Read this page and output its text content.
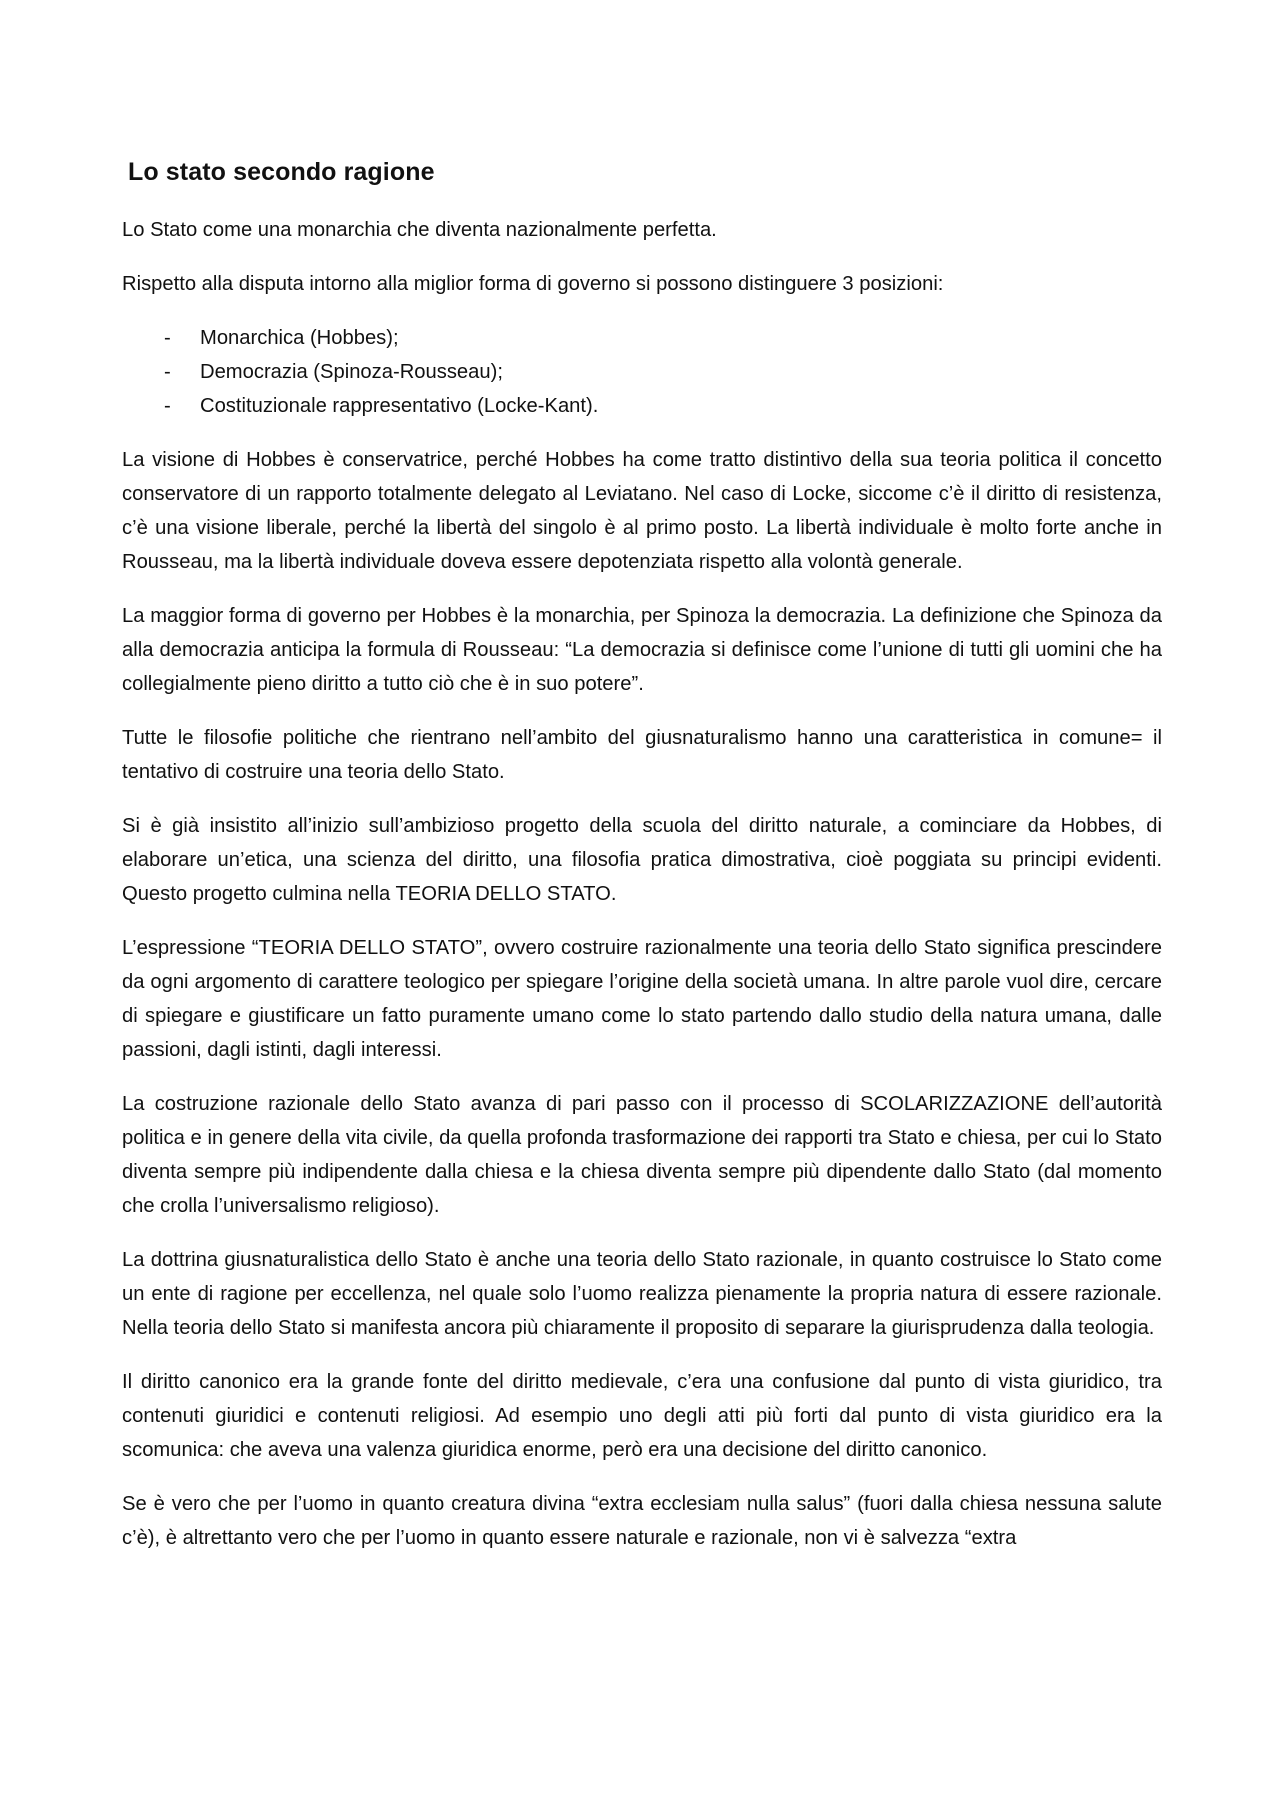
Lo stato secondo ragione

Lo Stato come una monarchia che diventa nazionalmente perfetta.

Rispetto alla disputa intorno alla miglior forma di governo si possono distinguere 3 posizioni:

- Monarchica (Hobbes);
- Democrazia (Spinoza-Rousseau);
- Costituzionale rappresentativo (Locke-Kant).

La visione di Hobbes è conservatrice, perché Hobbes ha come tratto distintivo della sua teoria politica il concetto conservatore di un rapporto totalmente delegato al Leviatano. Nel caso di Locke, siccome c’è il diritto di resistenza, c’è una visione liberale, perché la libertà del singolo è al primo posto. La libertà individuale è molto forte anche in Rousseau, ma la libertà individuale doveva essere depotenziata rispetto alla volontà generale.

La maggior forma di governo per Hobbes è la monarchia, per Spinoza la democrazia. La definizione che Spinoza da alla democrazia anticipa la formula di Rousseau: “La democrazia si definisce come l’unione di tutti gli uomini che ha collegialmente pieno diritto a tutto ciò che è in suo potere”.

Tutte le filosofie politiche che rientrano nell’ambito del giusnaturalismo hanno una caratteristica in comune= il tentativo di costruire una teoria dello Stato.

Si è già insistito all’inizio sull’ambizioso progetto della scuola del diritto naturale, a cominciare da Hobbes, di elaborare un’etica, una scienza del diritto, una filosofia pratica dimostrativa, cioè poggiata su principi evidenti. Questo progetto culmina nella TEORIA DELLO STATO.

L’espressione “TEORIA DELLO STATO”, ovvero costruire razionalmente una teoria dello Stato significa prescindere da ogni argomento di carattere teologico per spiegare l’origine della società umana. In altre parole vuol dire, cercare di spiegare e giustificare un fatto puramente umano come lo stato partendo dallo studio della natura umana, dalle passioni, dagli istinti, dagli interessi.

La costruzione razionale dello Stato avanza di pari passo con il processo di SCOLARIZZAZIONE dell’autorità politica e in genere della vita civile, da quella profonda trasformazione dei rapporti tra Stato e chiesa, per cui lo Stato diventa sempre più indipendente dalla chiesa e la chiesa diventa sempre più dipendente dallo Stato (dal momento che crolla l’universalismo religioso).

La dottrina giusnaturalistica dello Stato è anche una teoria dello Stato razionale, in quanto costruisce lo Stato come un ente di ragione per eccellenza, nel quale solo l’uomo realizza pienamente la propria natura di essere razionale. Nella teoria dello Stato si manifesta ancora più chiaramente il proposito di separare la giurisprudenza dalla teologia.

Il diritto canonico era la grande fonte del diritto medievale, c’era una confusione dal punto di vista giuridico, tra contenuti giuridici e contenuti religiosi. Ad esempio uno degli atti più forti dal punto di vista giuridico era la scomunica: che aveva una valenza giuridica enorme, però era una decisione del diritto canonico.

Se è vero che per l’uomo in quanto creatura divina “extra ecclesiam nulla salus” (fuori dalla chiesa nessuna salute c’è), è altrettanto vero che per l’uomo in quanto essere naturale e razionale, non vi è salvezza “extra
